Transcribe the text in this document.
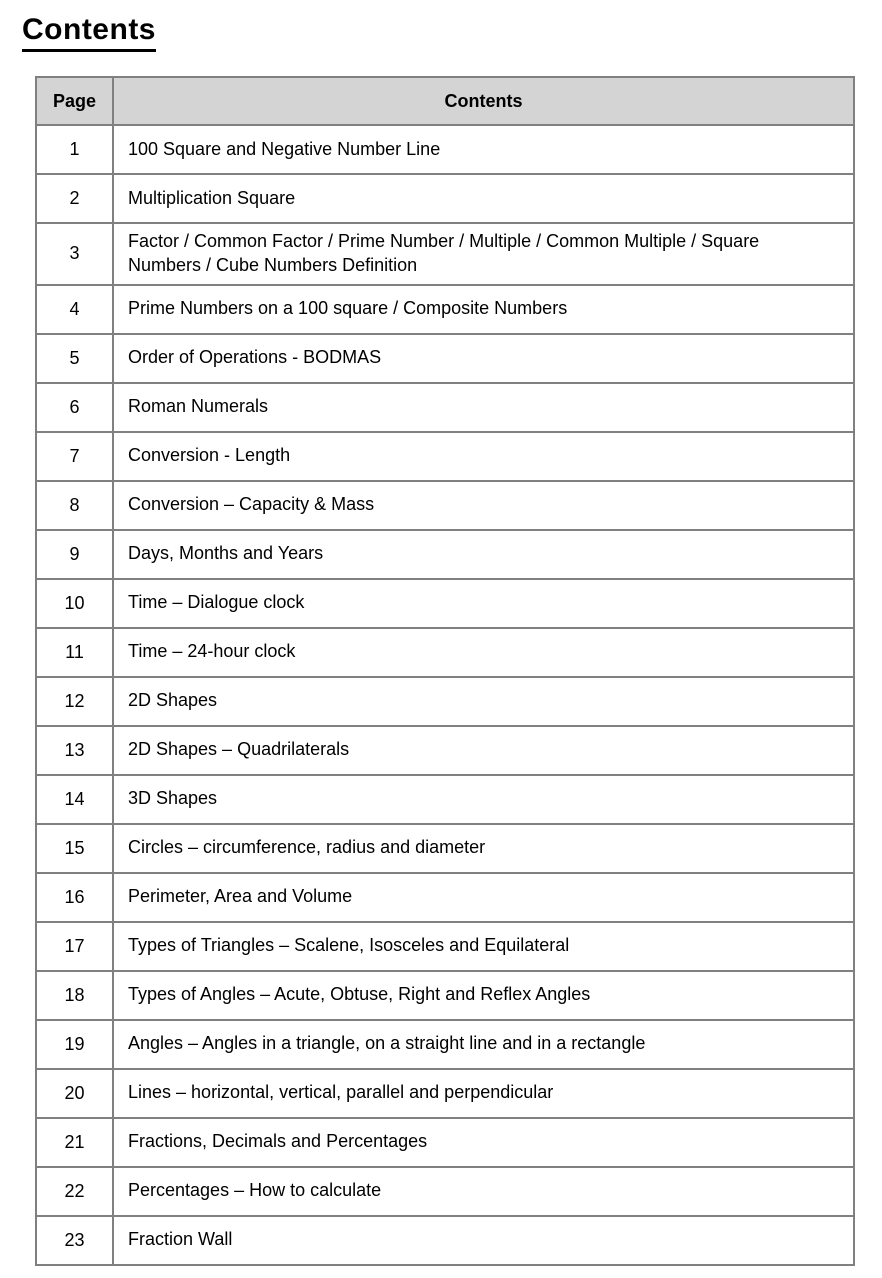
Contents
Page	Contents
1	100 Square and Negative Number Line
2	Multiplication Square
3	Factor / Common Factor / Prime Number / Multiple / Common Multiple / Square Numbers / Cube Numbers Definition
4	Prime Numbers on a 100 square / Composite Numbers
5	Order of Operations - BODMAS
6	Roman Numerals
7	Conversion - Length
8	Conversion – Capacity & Mass
9	Days, Months and Years
10	Time – Dialogue clock
11	Time – 24-hour clock
12	2D Shapes
13	2D Shapes – Quadrilaterals
14	3D Shapes
15	Circles – circumference, radius and diameter
16	Perimeter, Area and Volume
17	Types of Triangles – Scalene, Isosceles and Equilateral
18	Types of Angles – Acute, Obtuse, Right and Reflex Angles
19	Angles – Angles in a triangle, on a straight line and in a rectangle
20	Lines – horizontal, vertical, parallel and perpendicular
21	Fractions, Decimals and Percentages
22	Percentages – How to calculate
23	Fraction Wall
